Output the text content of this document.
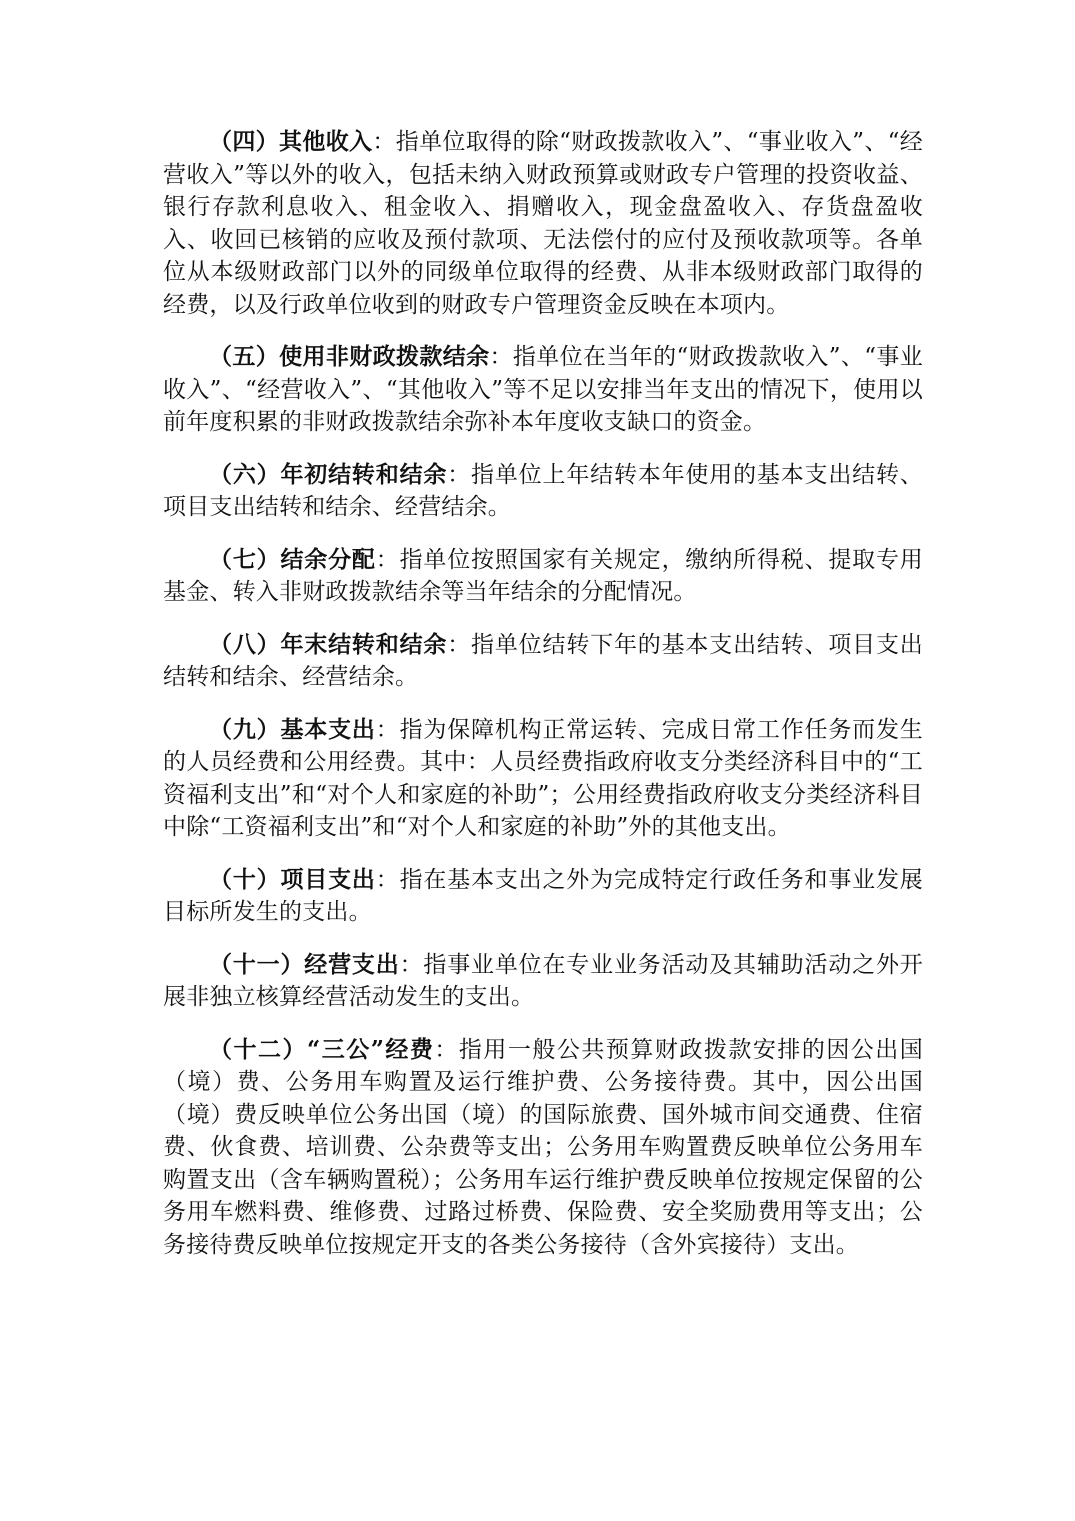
（四）其他收入：指单位取得的除“财政拨款收入”、“事业收入”、“经营收入”等以外的收入，包括未纳入财政预算或财政专户管理的投资收益、银行存款利息收入、租金收入、捐赠收入，现金盘盈收入、存货盘盈收入、收回已核销的应收及预付款项、无法偿付的应付及预收款项等。各单位从本级财政部门以外的同级单位取得的经费、从非本级财政部门取得的经费，以及行政单位收到的财政专户管理资金反映在本项内。

（五）使用非财政拨款结余：指单位在当年的“财政拨款收入”、“事业收入”、“经营收入”、“其他收入”等不足以安排当年支出的情况下，使用以前年度积累的非财政拨款结余弥补本年度收支缺口的资金。

（六）年初结转和结余：指单位上年结转本年使用的基本支出结转、项目支出结转和结余、经营结余。

（七）结余分配：指单位按照国家有关规定，缴纳所得税、提取专用基金、转入非财政拨款结余等当年结余的分配情况。

（八）年末结转和结余：指单位结转下年的基本支出结转、项目支出结转和结余、经营结余。

（九）基本支出：指为保障机构正常运转、完成日常工作任务而发生的人员经费和公用经费。其中：人员经费指政府收支分类经济科目中的“工资福利支出”和“对个人和家庭的补助”；公用经费指政府收支分类经济科目中除“工资福利支出”和“对个人和家庭的补助”外的其他支出。

（十）项目支出：指在基本支出之外为完成特定行政任务和事业发展目标所发生的支出。

（十一）经营支出：指事业单位在专业业务活动及其辅助活动之外开展非独立核算经营活动发生的支出。

（十二）“三公”经费：指用一般公共预算财政拨款安排的因公出国（境）费、公务用车购置及运行维护费、公务接待费。其中，因公出国（境）费反映单位公务出国（境）的国际旅费、国外城市间交通费、住宿费、伙食费、培训费、公杂费等支出；公务用车购置费反映单位公务用车购置支出（含车辆购置税）；公务用车运行维护费反映单位按规定保留的公务用车燃料费、维修费、过路过桥费、保险费、安全奖励费用等支出；公务接待费反映单位按规定开支的各类公务接待（含外宾接待）支出。
